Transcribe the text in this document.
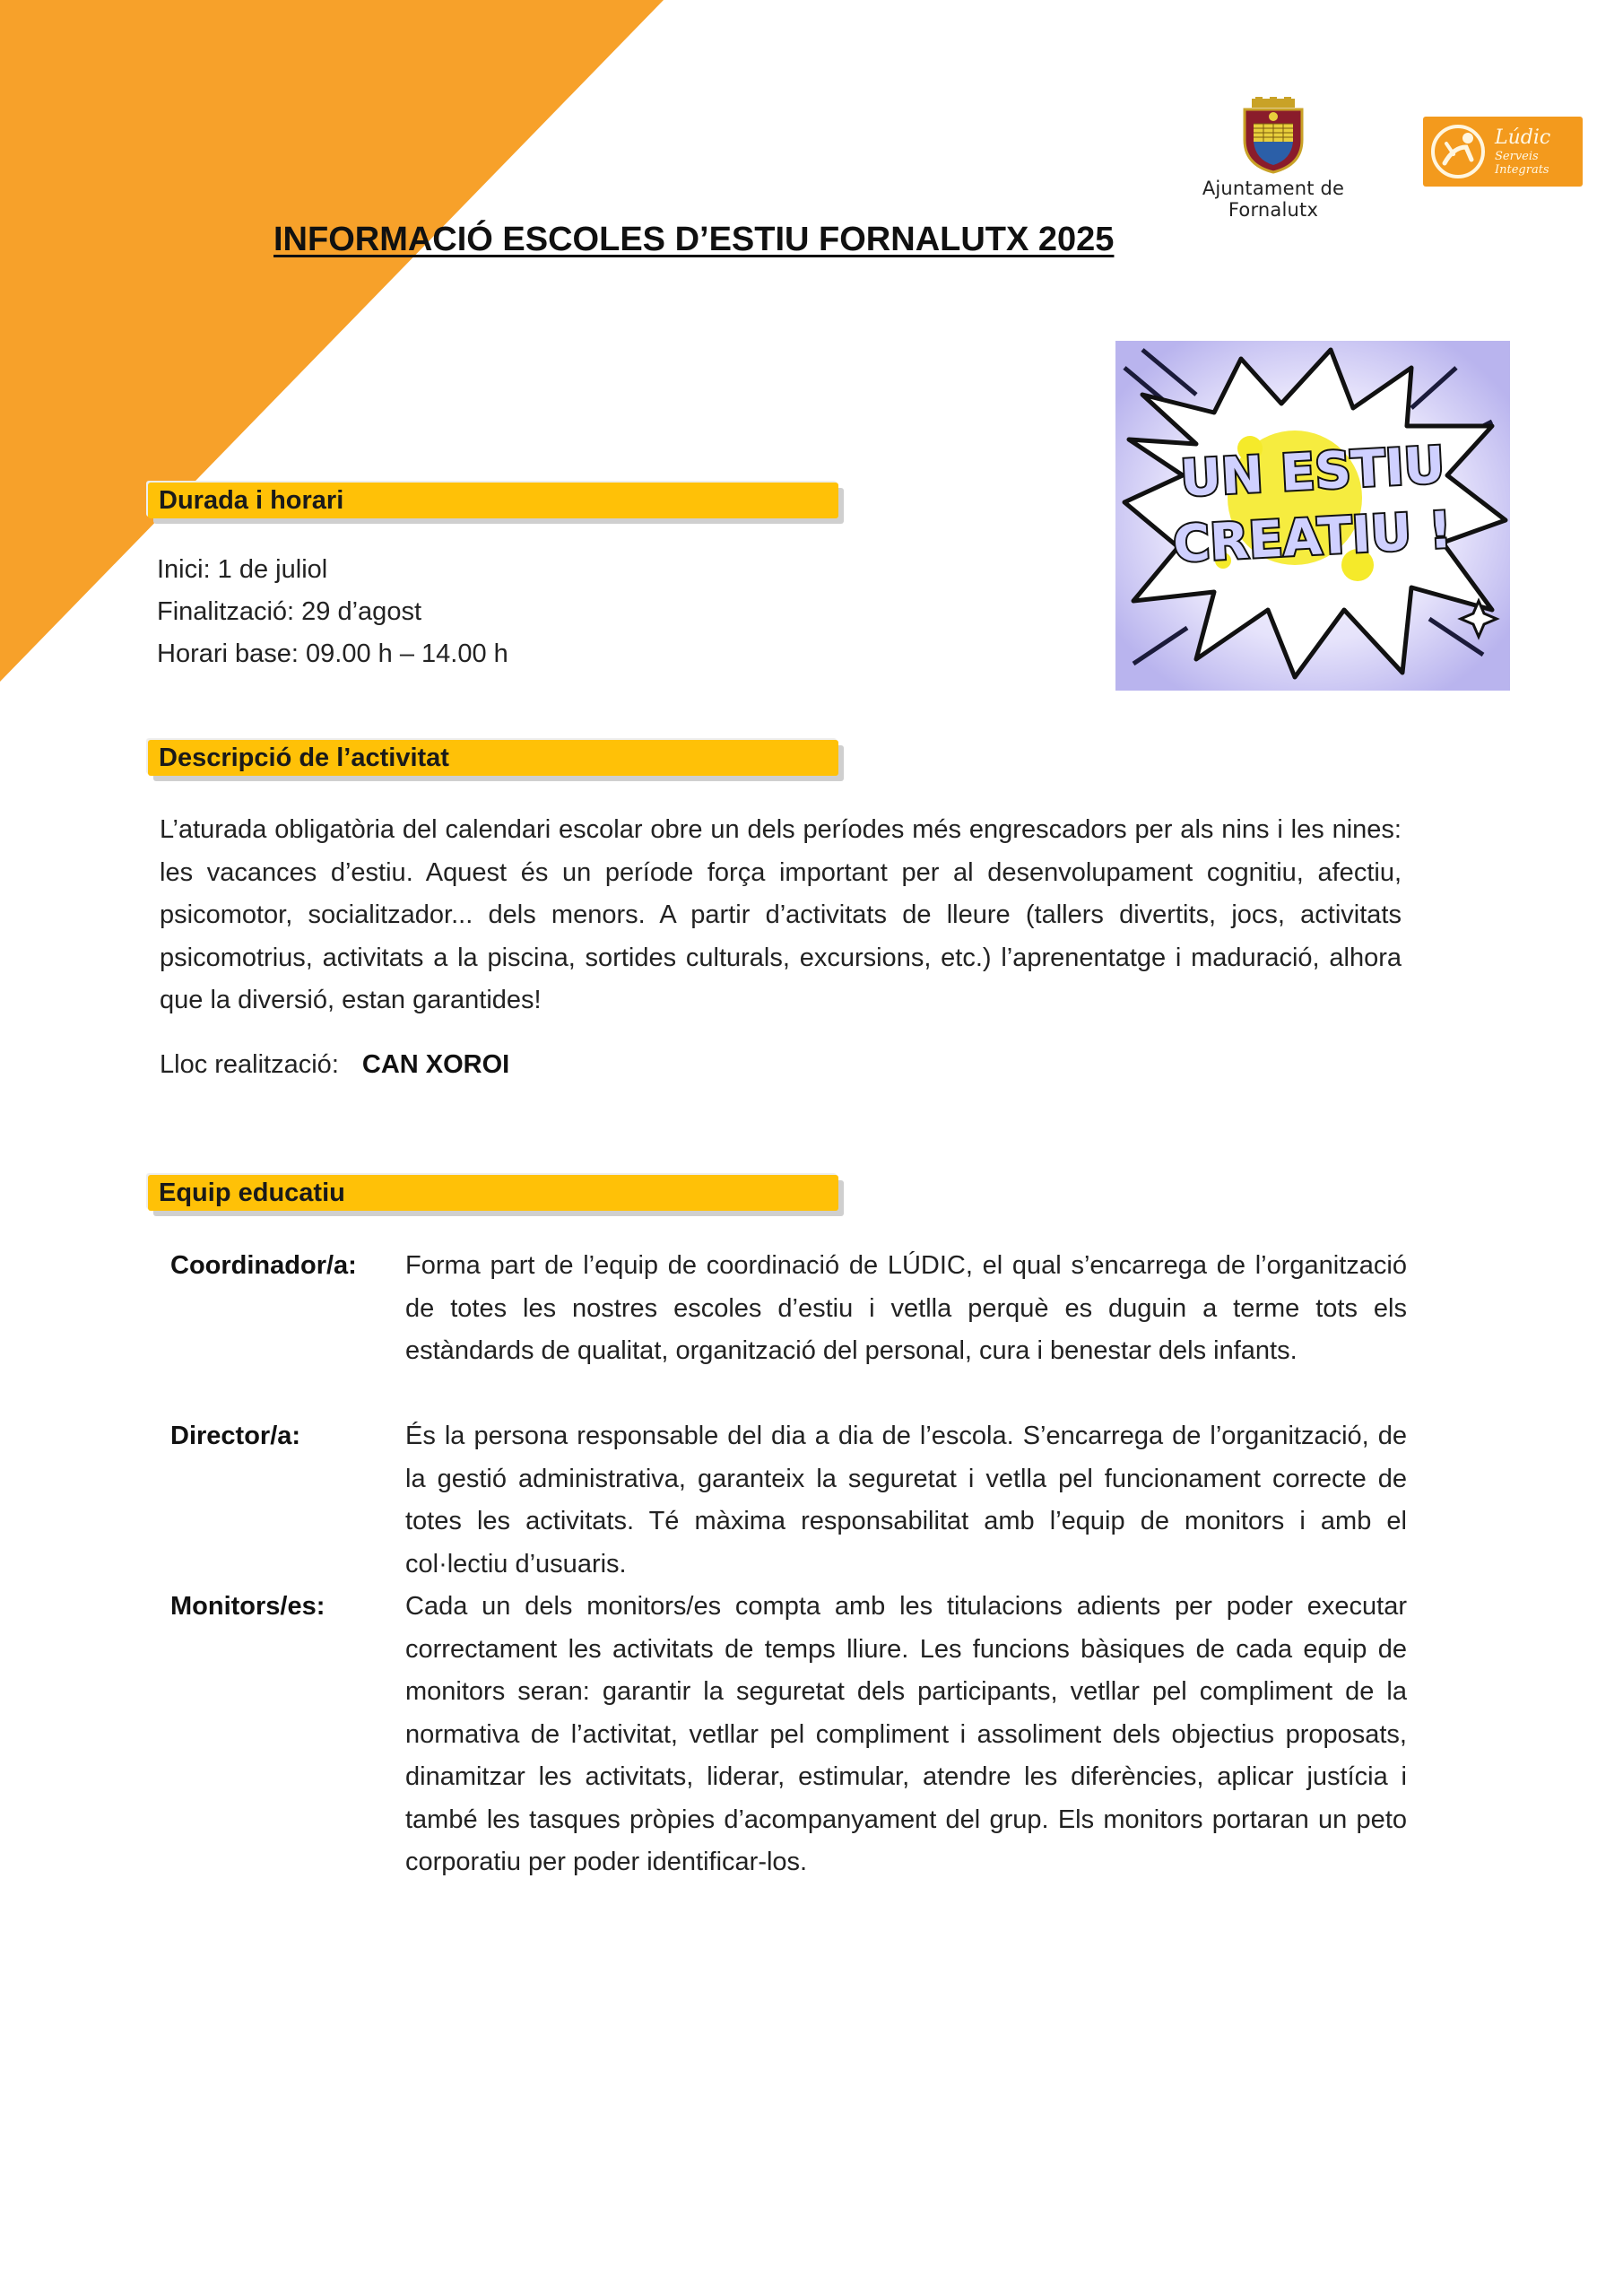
Ajuntament de Fornalutx
Lúdic
Serveis
Integrats
INFORMACIÓ ESCOLES D’ESTIU FORNALUTX 2025
UN ESTIU
CREATIU !
Durada i horari
Inici: 1 de juliol
Finalització: 29 d’agost
Horari base: 09.00 h – 14.00 h
Descripció de l’activitat
L’aturada obligatòria del calendari escolar obre un dels períodes més engrescadors per als nins i les nines: les vacances d’estiu. Aquest és un període força important per al desenvolupament cognitiu, afectiu, psicomotor, socialitzador... dels menors. A partir d’activitats de lleure (tallers divertits, jocs, activitats psicomotrius, activitats a la piscina, sortides culturals, excursions, etc.) l’aprenentatge i maduració, alhora que la diversió, estan garantides!
Lloc realització: CAN XOROI
Equip educatiu
Coordinador/a: Forma part de l’equip de coordinació de LÚDIC, el qual s’encarrega de l’organització de totes les nostres escoles d’estiu i vetlla perquè es duguin a terme tots els estàndards de qualitat, organització del personal, cura i benestar dels infants.
Director/a:	És la persona responsable del dia a dia de l’escola. S’encarrega de l’organització, de la gestió administrativa, garanteix la seguretat i vetlla pel funcionament correcte de totes les activitats. Té màxima responsabilitat amb l’equip de monitors i amb el col·lectiu d’usuaris.
Monitors/es:	Cada un dels monitors/es compta amb les titulacions adients per poder executar correctament les activitats de temps lliure. Les funcions bàsiques de cada equip de monitors seran: garantir la seguretat dels participants, vetllar pel compliment de la normativa de l’activitat, vetllar pel compliment i assoliment dels objectius proposats, dinamitzar les activitats, liderar, estimular, atendre les diferències, aplicar justícia i també les tasques pròpies d’acompanyament del grup. Els monitors portaran un peto corporatiu per poder identificar-los.
